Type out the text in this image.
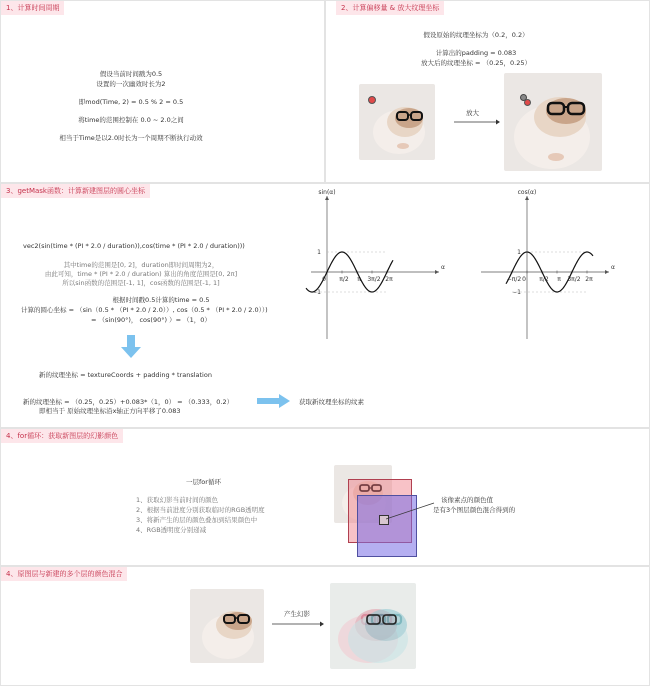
1、计算时间周期
假设当前时间戳为0.5
设置的一次幽效时长为2
即mod(Time, 2) = 0.5 % 2 = 0.5
将time的范围控制在 0.0 ~ 2.0之间
相当于Time是以2.0时长为一个周期不断执行动效
2、计算偏移量 & 放大纹理坐标
假设原始的纹理坐标为（0.2，0.2）
计算出的padding = 0.083
放大后的纹理坐标 = （0.25，0.25）
放大
3、getMask函数：计算新建图层的圆心坐标
vec2(sin(time * (PI * 2.0 / duration)),cos(time * (PI * 2.0 / duration)))
其中time的范围是[0, 2]，duration即时间周期为2，
由此可知，time * (PI * 2.0 / duration) 算出的角度范围是[0, 2π]
所以sin函数的范围是[-1, 1]，cos函数的范围是[-1, 1]
根据时间戳0.5计算的time = 0.5
计算的圆心坐标 = （sin（0.5 * （PI * 2.0 / 2.0））, cos（0.5 * （PI * 2.0 / 2.0））)
= （sin(90°)， cos(90°) ）= （1，0）
新的纹理坐标 = textureCoords + padding * translation
新的纹理坐标 = （0.25，0.25）+0.083*（1，0） = （0.333，0.2）
即相当于 原始纹理坐标沿x轴正方向平移了0.083
获取新纹理坐标的纹素
sin(α)
α
1
−1
0 π/2 π 3π/2 2π
cos(α)
α
1
−1
−π/2 0 π/2 π 3π/2 2π
4、for循环：获取新图层的幻影颜色
一层for循环
1、获取幻影当前时间的颜色
2、根据当前进度分别获取临时的RGB透明度
3、将新产生的层的颜色叠加到结果颜色中
4、RGB透明度分别递减
该像素点的颜色值
是有3个图层颜色混合得到的
4、原图层与新建的多个层的颜色混合
产生幻影
